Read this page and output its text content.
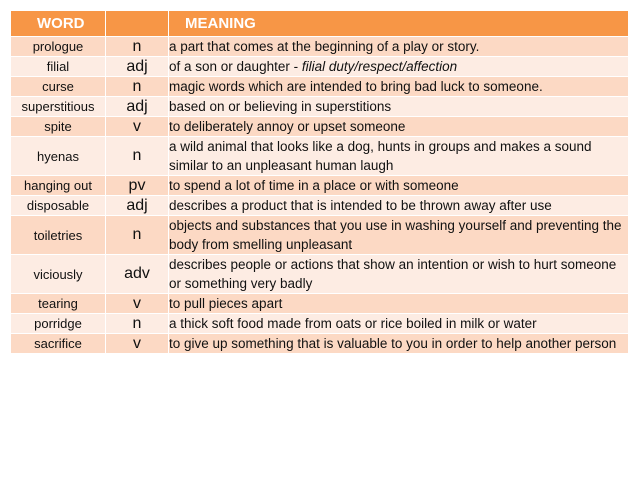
WORD		MEANING
prologue	n	a part that comes at the beginning of a play or story.
filial	adj	of a son or daughter - filial duty/respect/affection
curse	n	magic words which are intended to bring bad luck to someone.
superstitious	adj	based on or believing in superstitions
spite	v	to deliberately annoy or upset someone
hyenas	n	a wild animal that looks like a dog, hunts in groups and makes a sound similar to an unpleasant human laugh
hanging out	pv	to spend a lot of time in a place or with someone
disposable	adj	describes a product that is intended to be thrown away after use
toiletries	n	objects and substances that you use in washing yourself and preventing the body from smelling unpleasant
viciously	adv	describes people or actions that show an intention or wish to hurt someone or something very badly
tearing	v	to pull pieces apart
porridge	n	a thick soft food made from oats or rice boiled in milk or water
sacrifice	v	to give up something that is valuable to you in order to help another person
